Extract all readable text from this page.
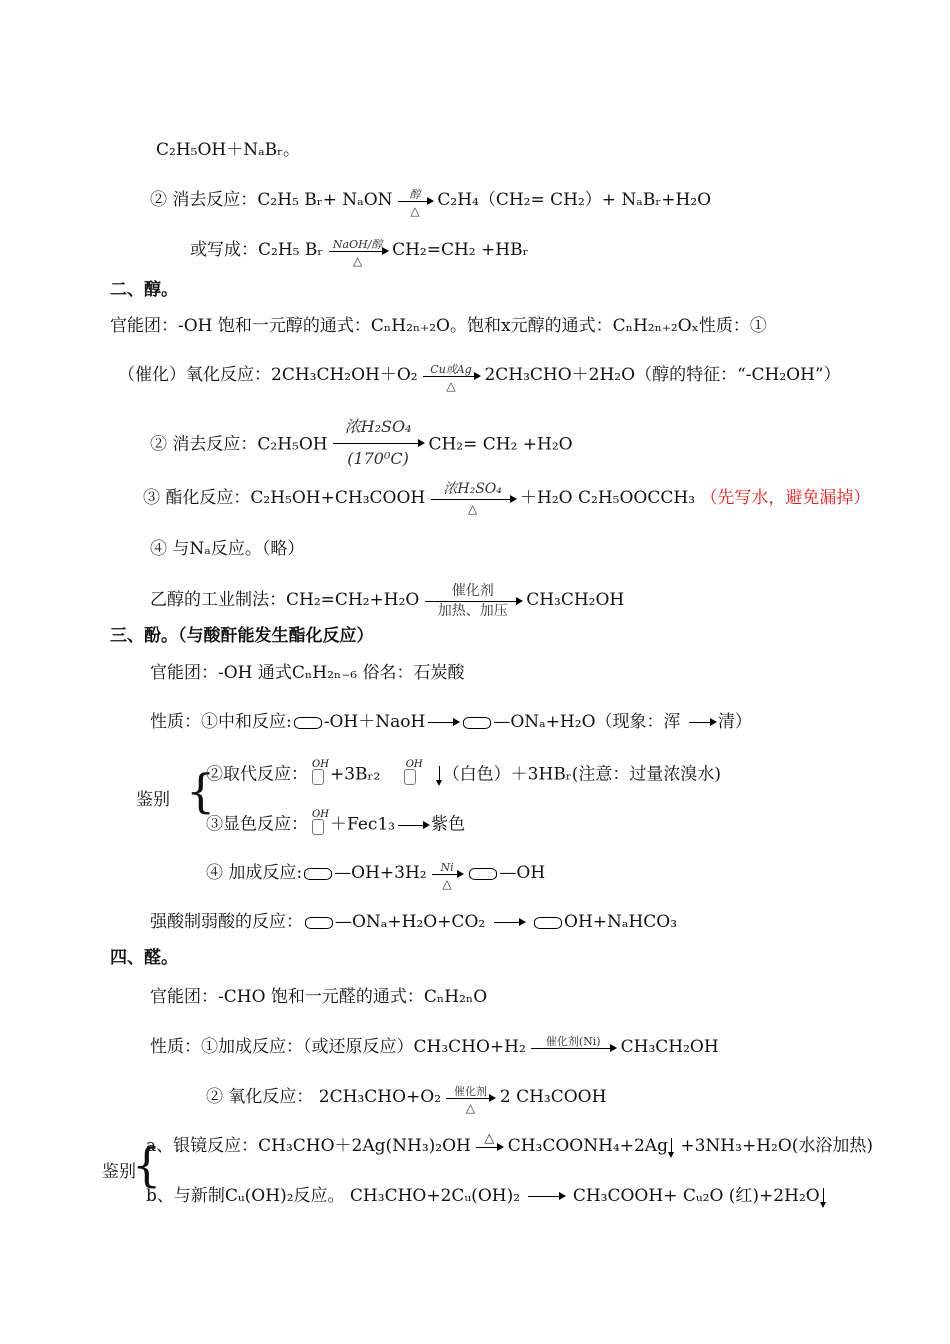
C₂H₅OH＋NₐBᵣ。
② 消去反应：C₂H₅ Bᵣ+ NₐON	醇
△
C₂H₄（CH₂= CH₂）+ NₐBᵣ+H₂O
或写成：C₂H₅ Bᵣ NaOH/醇
△
CH₂=CH₂ +HBᵣ
二、醇。
官能团：-OH 饱和一元醇的通式：CₙH₂ₙ₊₂O。饱和x元醇的通式：CₙH₂ₙ₊₂Oₓ性质：①
（催化）氧化反应：2CH₃CH₂OH＋O₂	Cu或Ag
△
2CH₃CHO＋2H₂O（醇的特征：“-CH₂OH”）
② 消去反应：C₂H₅OH
浓H₂SO₄
(170⁰C)
CH₂= CH₂ +H₂O
③ 酯化反应：C₂H₅OH+CH₃COOH	浓H₂SO₄
△
＋H₂O C₂H₅OOCCH₃ （先写水，避免漏掉）
④ 与Nₐ反应。（略）
乙醇的工业制法：CH₂=CH₂+H₂O	催化剂
加热、加压
CH₃CH₂OH
三、酚。（与酸酐能发生酯化反应）
官能团：-OH 通式CₙH₂ₙ₋₆ 俗名：石炭酸
性质：①中和反应: -OH＋NaoH	—ONₐ+H₂O（现象：浑 清）
鉴别 {
②取代反应： OH +3Bᵣ₂	OH （白色）＋3HBᵣ(注意：过量浓溴水)
③显色反应： OH ＋Fec1₃ 紫色
④ 加成反应: —OH+3H₂	Ni
△
—OH
强酸制弱酸的反应： —ONₐ+H₂O+CO₂	OH+NₐHCO₃
四、醛。
官能团：-CHO 饱和一元醛的通式：CₙH₂ₙO
性质：①加成反应：（或还原反应）CH₃CHO+H₂	催化剂(Ni)	CH₃CH₂OH
② 氧化反应： 2CH₃CHO+O₂	催化剂
△
2 CH₃COOH
鉴别
{
a、银镜反应：CH₃CHO＋2Ag(NH₃)₂OH	△ CH₃COONH₄+2Ag +3NH₃+H₂O(水浴加热)
b、与新制Cᵤ(OH)₂反应。 CH₃CHO+2Cᵤ(OH)₂	CH₃COOH+ Cᵤ₂O (红)+2H₂O
